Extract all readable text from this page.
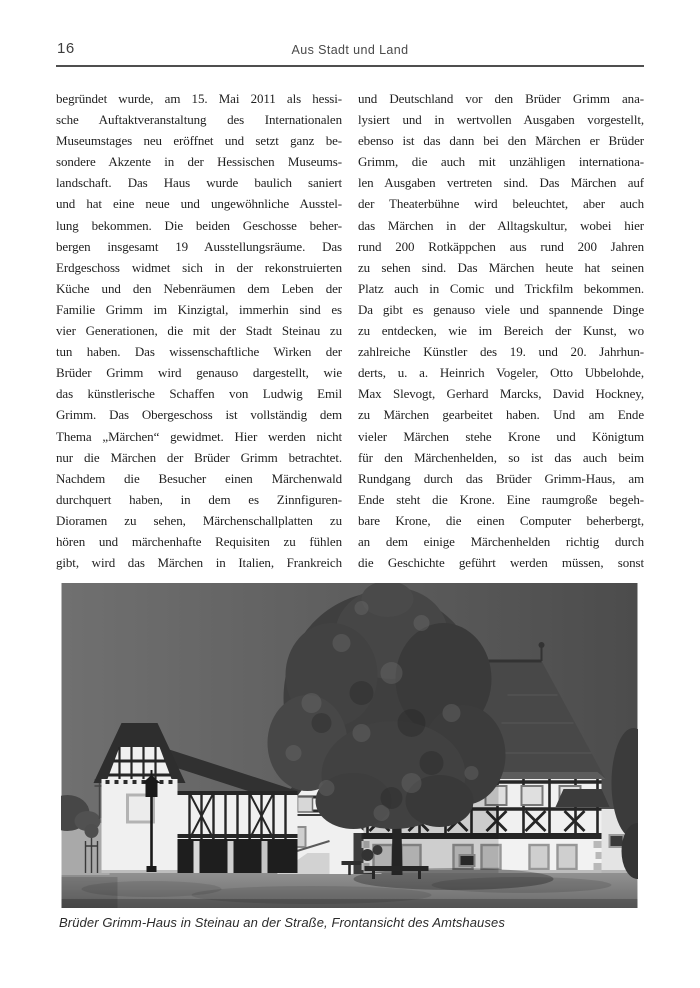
16	Aus Stadt und Land
begründet wurde, am 15. Mai 2011 als hessi-
sche Auftaktveranstaltung des Internationalen
Museumstages neu eröffnet und setzt ganz be-
sondere Akzente in der Hessischen Museums-
landschaft. Das Haus wurde baulich saniert
und hat eine neue und ungewöhnliche Ausstel-
lung bekommen. Die beiden Geschosse beher-
bergen insgesamt 19 Ausstellungsräume. Das
Erdgeschoss widmet sich in der rekonstruierten
Küche und den Nebenräumen dem Leben der
Familie Grimm im Kinzigtal, immerhin sind es
vier Generationen, die mit der Stadt Steinau zu
tun haben. Das wissenschaftliche Wirken der
Brüder Grimm wird genauso dargestellt, wie
das künstlerische Schaffen von Ludwig Emil
Grimm. Das Obergeschoss ist vollständig dem
Thema „Märchen“ gewidmet. Hier werden nicht
nur die Märchen der Brüder Grimm betrachtet.
Nachdem die Besucher einen Märchenwald
durchquert haben, in dem es Zinnfiguren-
Dioramen zu sehen, Märchenschallplatten zu
hören und märchenhafte Requisiten zu fühlen
gibt, wird das Märchen in Italien, Frankreich
und Deutschland vor den Brüder Grimm ana-
lysiert und in wertvollen Ausgaben vorgestellt,
ebenso ist das dann bei den Märchen er Brüder
Grimm, die auch mit unzähligen internationa-
len Ausgaben vertreten sind. Das Märchen auf
der Theaterbühne wird beleuchtet, aber auch
das Märchen in der Alltagskultur, wobei hier
rund 200 Rotkäppchen aus rund 200 Jahren
zu sehen sind. Das Märchen heute hat seinen
Platz auch in Comic und Trickfilm bekommen.
Da gibt es genauso viele und spannende Dinge
zu entdecken, wie im Bereich der Kunst, wo
zahlreiche Künstler des 19. und 20. Jahrhun-
derts, u. a. Heinrich Vogeler, Otto Ubbelohde,
Max Slevogt, Gerhard Marcks, David Hockney,
zu Märchen gearbeitet haben. Und am Ende
vieler Märchen stehe Krone und Königtum
für den Märchenhelden, so ist das auch beim
Rundgang durch das Brüder Grimm-Haus, am
Ende steht die Krone. Eine raumgroße begeh-
bare Krone, die einen Computer beherbergt,
an dem einige Märchenhelden richtig durch
die Geschichte geführt werden müssen, sonst
Brüder Grimm-Haus in Steinau an der Straße, Frontansicht des Amtshauses
